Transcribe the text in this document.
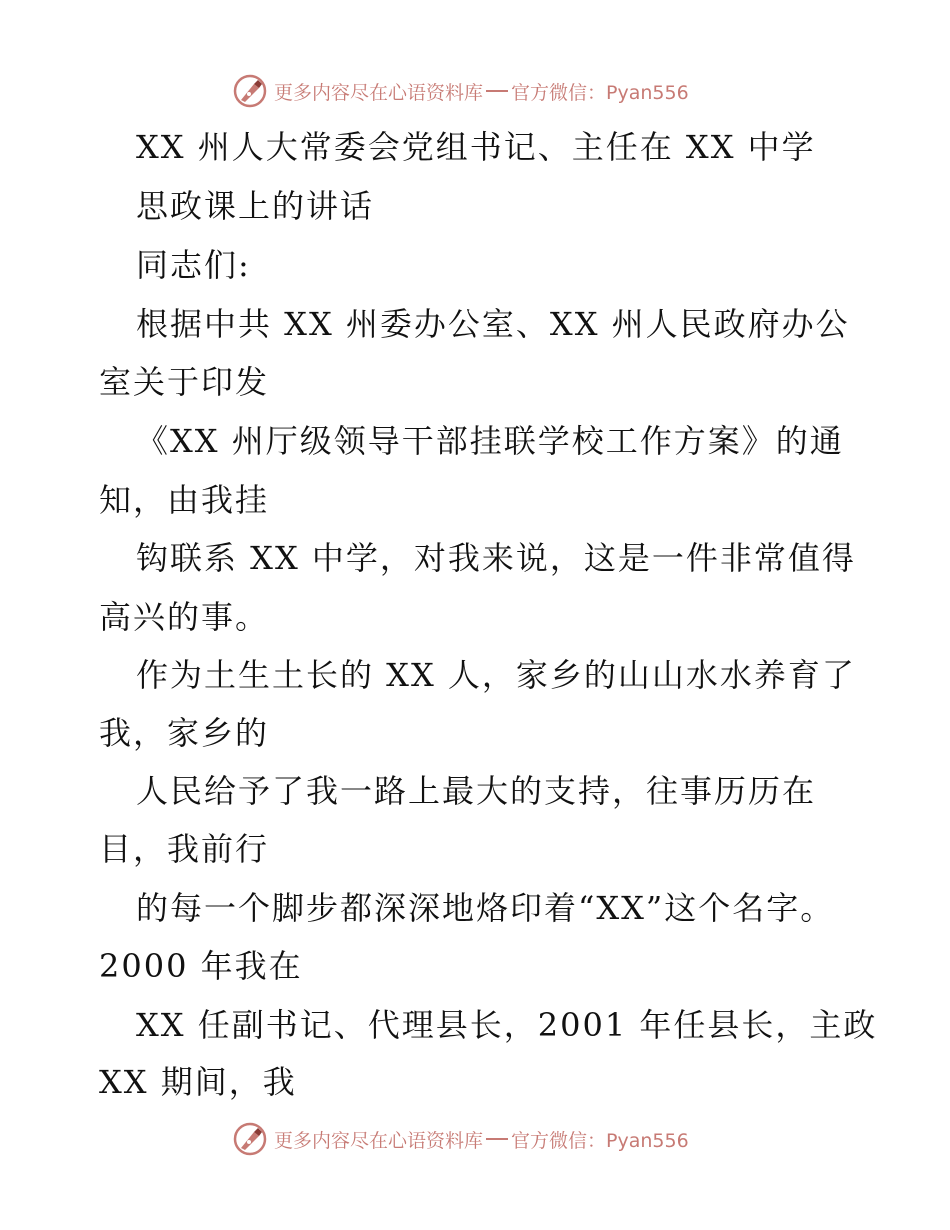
更多内容尽在心语资料库 官方微信：Pyan556
XX 州人大常委会党组书记、主任在 XX 中学
思政课上的讲话
同志们:
根据中共 XX 州委办公室、XX 州人民政府办公
室关于印发
《XX 州厅级领导干部挂联学校工作方案》的通
知，由我挂
钩联系 XX 中学，对我来说，这是一件非常值得
高兴的事。
作为土生土长的 XX 人，家乡的山山水水养育了
我，家乡的
人民给予了我一路上最大的支持，往事历历在
目，我前行
的每一个脚步都深深地烙印着“XX”这个名字。
2000 年我在
XX 任副书记、代理县长，2001 年任县长，主政
XX 期间，我
更多内容尽在心语资料库 官方微信：Pyan556
